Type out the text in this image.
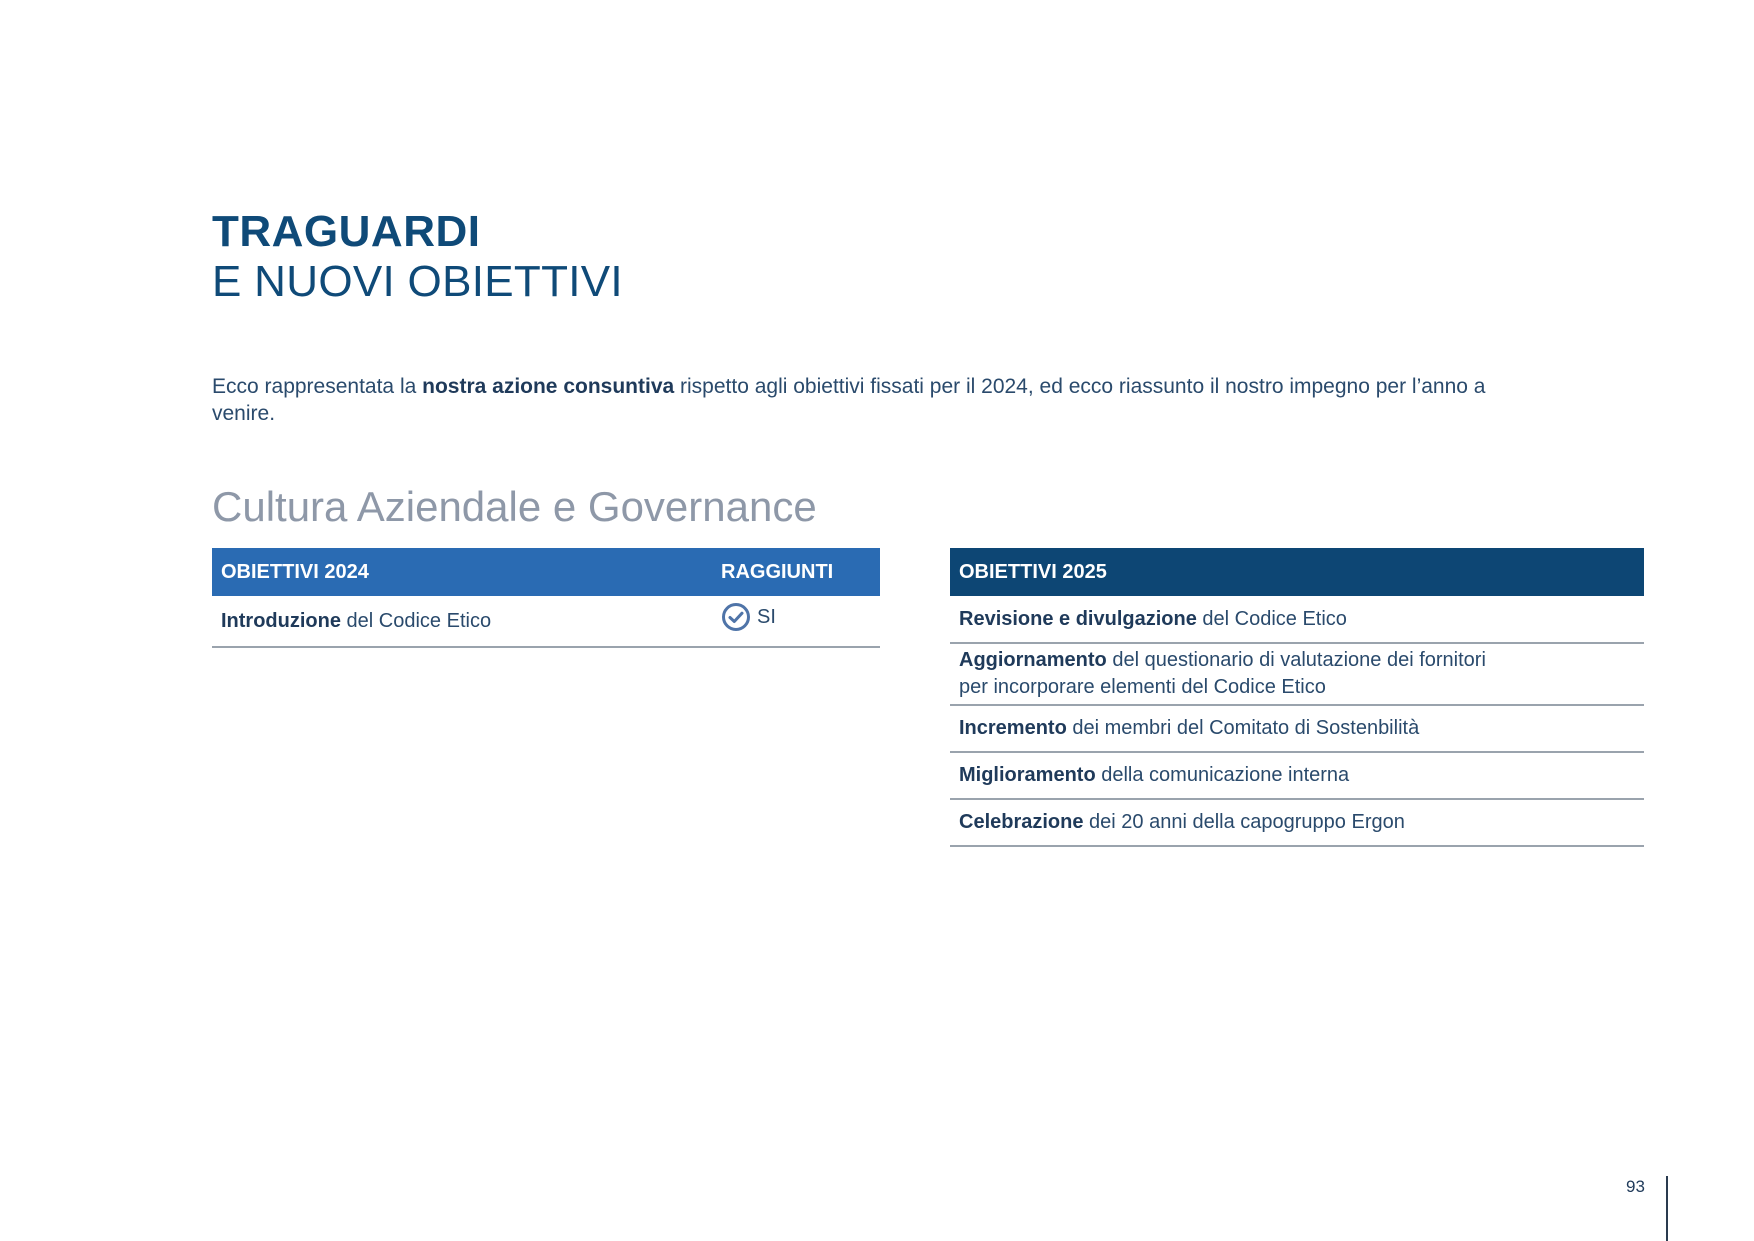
TRAGUARDI
E NUOVI OBIETTIVI

Ecco rappresentata la nostra azione consuntiva rispetto agli obiettivi fissati per il 2024, ed ecco riassunto il nostro impegno per l’anno a venire.

Cultura Aziendale e Governance
OBIETTIVI 2024	RAGGIUNTI
Introduzione del Codice Etico	SI
OBIETTIVI 2025
Revisione e divulgazione del Codice Etico
Aggiornamento del questionario di valutazione dei fornitori
per incorporare elementi del Codice Etico
Incremento dei membri del Comitato di Sostenbilità
Miglioramento della comunicazione interna
Celebrazione dei 20 anni della capogruppo Ergon
93
